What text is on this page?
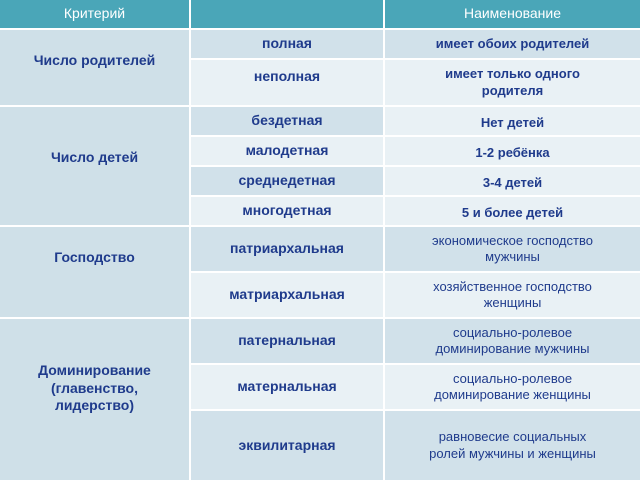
Критерий	Наименование
Число родителей
полная	имеет обоих родителей
неполная	имеет только одного
родителя
Число детей
бездетная	Нет детей
малодетная	1-2 ребёнка
среднедетная	3-4 детей
многодетная	5 и более детей
Господство
патриархальная	экономическое господство
мужчины
матриархальная	хозяйственное господство
женщины
Доминирование
(главенство,
лидерство)
патернальная	социально-ролевое
доминирование мужчины
матернальная	социально-ролевое
доминирование женщины
эквилитарная	равновесие социальных
ролей мужчины и женщины
